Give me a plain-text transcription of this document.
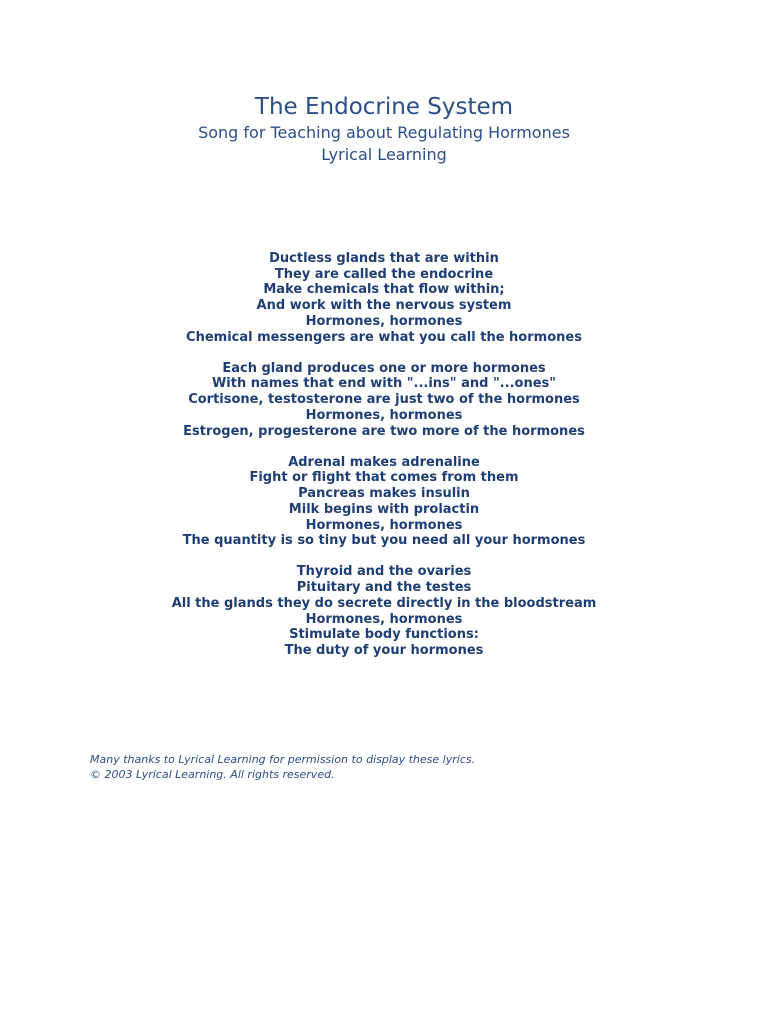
The Endocrine System
Song for Teaching about Regulating Hormones
Lyrical Learning
Ductless glands that are within
They are called the endocrine
Make chemicals that flow within;
And work with the nervous system
Hormones, hormones
Chemical messengers are what you call the hormones
Each gland produces one or more hormones
With names that end with "...ins" and "...ones"
Cortisone, testosterone are just two of the hormones
Hormones, hormones
Estrogen, progesterone are two more of the hormones
Adrenal makes adrenaline
Fight or flight that comes from them
Pancreas makes insulin
Milk begins with prolactin
Hormones, hormones
The quantity is so tiny but you need all your hormones
Thyroid and the ovaries
Pituitary and the testes
All the glands they do secrete directly in the bloodstream
Hormones, hormones
Stimulate body functions:
The duty of your hormones
Many thanks to Lyrical Learning for permission to display these lyrics.
© 2003 Lyrical Learning. All rights reserved.
